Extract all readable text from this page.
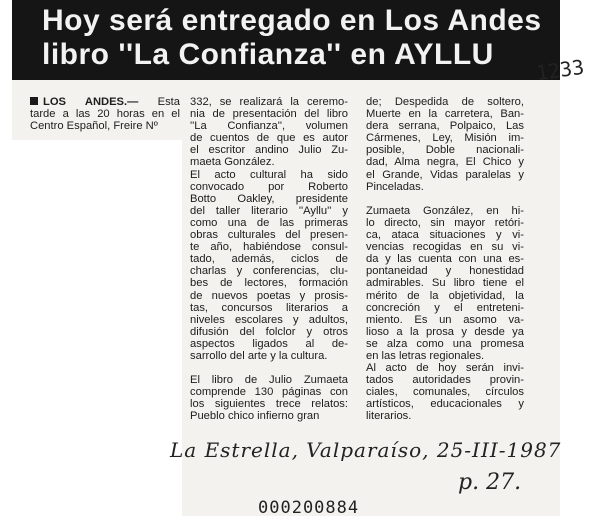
Hoy será entregado en Los Andes
libro ''La Confianza'' en AYLLU
LOS ANDES.— Esta
tarde a las 20 horas en el
Centro Español, Freire Nº
332, se realizará la ceremo-
nia de presentación del libro
''La Confianza'', volumen
de cuentos de que es autor
el escritor andino Julio Zu-
maeta González.
El acto cultural ha sido
convocado por Roberto
Botto Oakley, presidente
del taller literario ''Ayllu'' y
como una de las primeras
obras culturales del presen-
te año, habiéndose consul-
tado, además, ciclos de
charlas y conferencias, clu-
bes de lectores, formación
de nuevos poetas y prosis-
tas, concursos literarios a
niveles escolares y adultos,
difusión del folclor y otros
aspectos ligados al de-
sarrollo del arte y la cultura.
El libro de Julio Zumaeta
comprende 130 páginas con
los siguientes trece relatos:
Pueblo chico infierno gran
de; Despedida de soltero,
Muerte en la carretera, Ban-
dera serrana, Polpaico, Las
Cármenes, Ley, Misión im-
posible, Doble nacionali-
dad, Alma negra, El Chico y
el Grande, Vidas paralelas y
Pinceladas.
Zumaeta González, en hi-
lo directo, sin mayor retóri-
ca, ataca situaciones y vi-
vencias recogidas en su vi-
da y las cuenta con una es-
pontaneidad y honestidad
admirables. Su libro tiene el
mérito de la objetividad, la
concreción y el entreteni-
miento. Es un asomo va-
lioso a la prosa y desde ya
se alza como una promesa
en las letras regionales.
Al acto de hoy serán invi-
tados autoridades provin-
ciales, comunales, círculos
artísticos, educacionales y
literarios.
1233
La Estrella, Valparaíso, 25-III-1987
p. 27.
000200884
